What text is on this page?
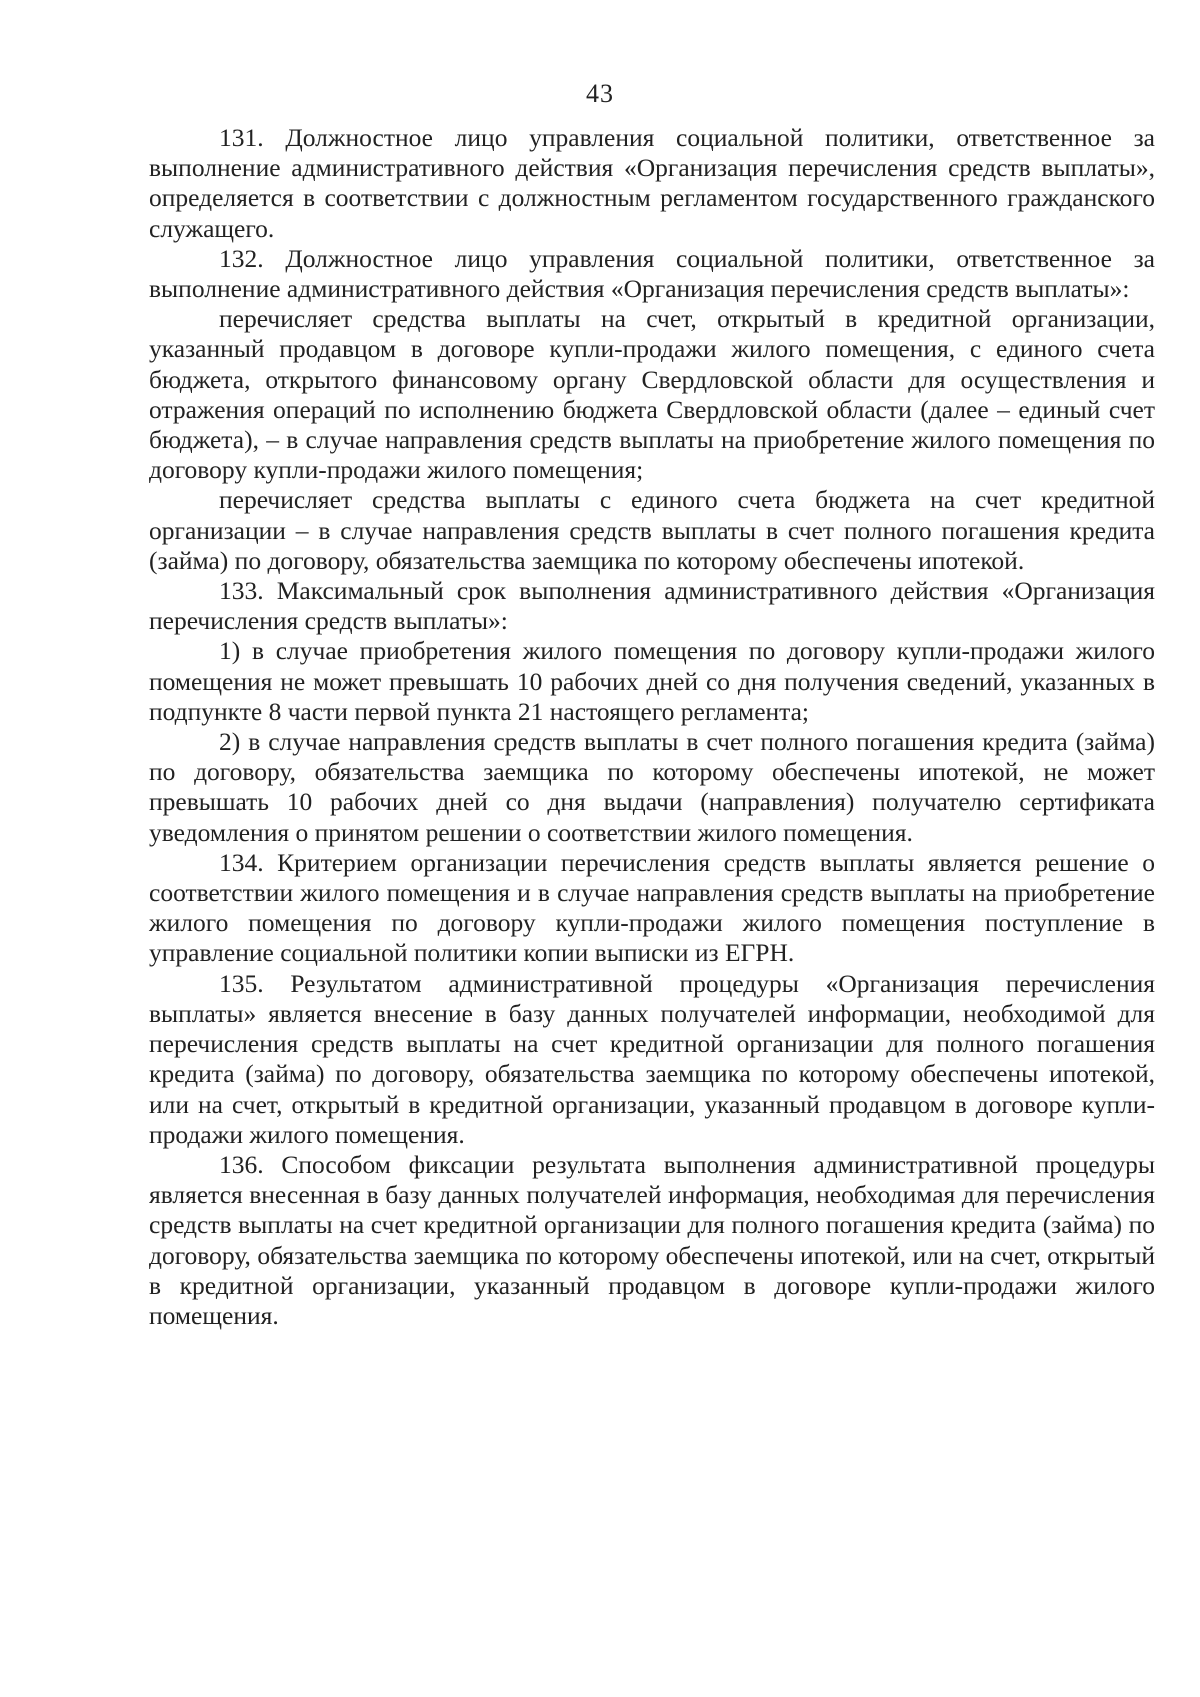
43

131. Должностное лицо управления социальной политики, ответственное за выполнение административного действия «Организация перечисления средств выплаты», определяется в соответствии с должностным регламентом государственного гражданского служащего.

132. Должностное лицо управления социальной политики, ответственное за выполнение административного действия «Организация перечисления средств выплаты»:

перечисляет средства выплаты на счет, открытый в кредитной организации, указанный продавцом в договоре купли-продажи жилого помещения, с единого счета бюджета, открытого финансовому органу Свердловской области для осуществления и отражения операций по исполнению бюджета Свердловской области (далее – единый счет бюджета), – в случае направления средств выплаты на приобретение жилого помещения по договору купли-продажи жилого помещения;

перечисляет средства выплаты с единого счета бюджета на счет кредитной организации – в случае направления средств выплаты в счет полного погашения кредита (займа) по договору, обязательства заемщика по которому обеспечены ипотекой.

133. Максимальный срок выполнения административного действия «Организация перечисления средств выплаты»:

1) в случае приобретения жилого помещения по договору купли-продажи жилого помещения не может превышать 10 рабочих дней со дня получения сведений, указанных в подпункте 8 части первой пункта 21 настоящего регламента;

2) в случае направления средств выплаты в счет полного погашения кредита (займа) по договору, обязательства заемщика по которому обеспечены ипотекой, не может превышать 10 рабочих дней со дня выдачи (направления) получателю сертификата уведомления о принятом решении о соответствии жилого помещения.

134. Критерием организации перечисления средств выплаты является решение о соответствии жилого помещения и в случае направления средств выплаты на приобретение жилого помещения по договору купли-продажи жилого помещения поступление в управление социальной политики копии выписки из ЕГРН.

135. Результатом административной процедуры «Организация перечисления выплаты» является внесение в базу данных получателей информации, необходимой для перечисления средств выплаты на счет кредитной организации для полного погашения кредита (займа) по договору, обязательства заемщика по которому обеспечены ипотекой, или на счет, открытый в кредитной организации, указанный продавцом в договоре купли-продажи жилого помещения.

136. Способом фиксации результата выполнения административной процедуры является внесенная в базу данных получателей информация, необходимая для перечисления средств выплаты на счет кредитной организации для полного погашения кредита (займа) по договору, обязательства заемщика по которому обеспечены ипотекой, или на счет, открытый в кредитной организации, указанный продавцом в договоре купли-продажи жилого помещения.
